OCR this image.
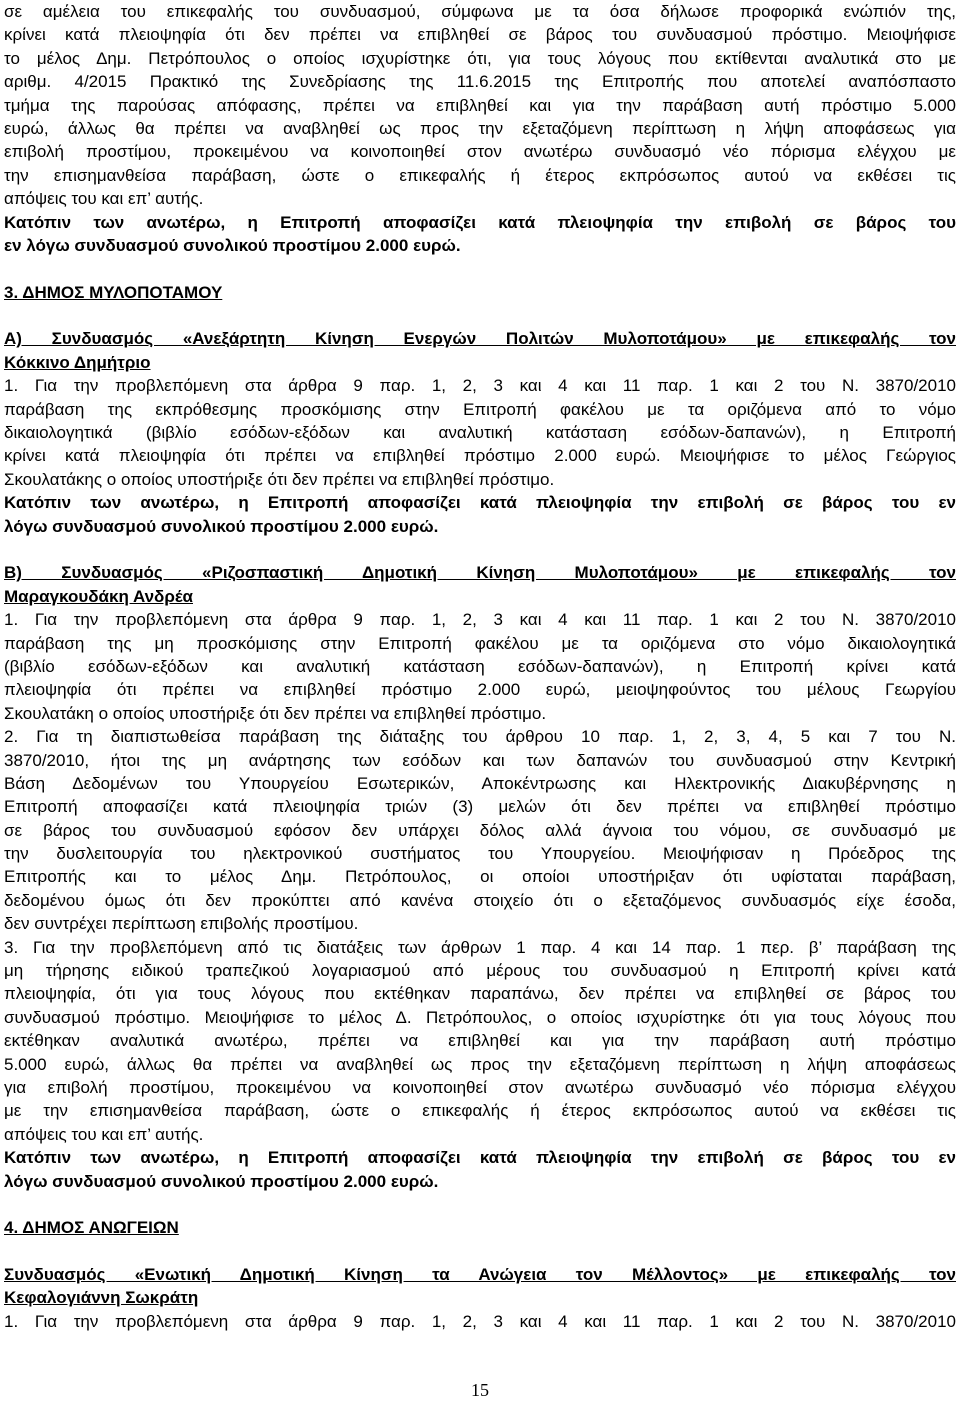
σε αμέλεια του επικεφαλής του συνδυασμού, σύμφωνα με τα όσα δήλωσε προφορικά ενώπιόν της,
κρίνει κατά πλειοψηφία ότι δεν πρέπει να επιβληθεί σε βάρος του συνδυασμού πρόστιμο. Μειοψήφισε
το μέλος Δημ. Πετρόπουλος ο οποίος ισχυρίστηκε ότι, για τους λόγους που εκτίθενται αναλυτικά στο με
αριθμ. 4/2015 Πρακτικό της Συνεδρίασης της 11.6.2015 της Επιτροπής που αποτελεί αναπόσπαστο
τμήμα της παρούσας απόφασης, πρέπει να επιβληθεί και για την παράβαση αυτή πρόστιμο 5.000
ευρώ, άλλως θα πρέπει να αναβληθεί ως προς την εξεταζόμενη περίπτωση η λήψη αποφάσεως για
επιβολή προστίμου, προκειμένου να κοινοποιηθεί στον ανωτέρω συνδυασμό νέο πόρισμα ελέγχου με
την επισημανθείσα παράβαση, ώστε ο επικεφαλής ή έτερος εκπρόσωπος αυτού να εκθέσει τις
απόψεις του και επ’ αυτής.
Κατόπιν των ανωτέρω, η Επιτροπή αποφασίζει κατά πλειοψηφία την επιβολή σε βάρος του
εν λόγω συνδυασμού συνολικού προστίμου 2.000 ευρώ.
3. ΔΗΜΟΣ ΜΥΛΟΠΟΤΑΜΟΥ
Α) Συνδυασμός «Ανεξάρτητη Κίνηση Ενεργών Πολιτών Μυλοποτάμου» με επικεφαλής τον
Κόκκινο Δημήτριο
1. Για την προβλεπόμενη στα άρθρα 9 παρ. 1, 2, 3 και 4 και 11 παρ. 1 και 2 του Ν. 3870/2010
παράβαση της εκπρόθεσμης προσκόμισης στην Επιτροπή φακέλου με τα οριζόμενα από το νόμο
δικαιολογητικά (βιβλίο εσόδων-εξόδων και αναλυτική κατάσταση εσόδων-δαπανών), η Επιτροπή
κρίνει κατά πλειοψηφία ότι πρέπει να επιβληθεί πρόστιμο 2.000 ευρώ. Μειοψήφισε το μέλος Γεώργιος
Σκουλατάκης ο οποίος υποστήριξε ότι δεν πρέπει να επιβληθεί πρόστιμο.
Κατόπιν των ανωτέρω, η Επιτροπή αποφασίζει κατά πλειοψηφία την επιβολή σε βάρος του εν
λόγω συνδυασμού συνολικού προστίμου 2.000 ευρώ.
Β) Συνδυασμός «Ριζοσπαστική Δημοτική Κίνηση Μυλοποτάμου» με επικεφαλής τον
Μαραγκουδάκη Ανδρέα
1. Για την προβλεπόμενη στα άρθρα 9 παρ. 1, 2, 3 και 4 και 11 παρ. 1 και 2 του Ν. 3870/2010
παράβαση της μη προσκόμισης στην Επιτροπή φακέλου με τα οριζόμενα στο νόμο δικαιολογητικά
(βιβλίο εσόδων-εξόδων και αναλυτική κατάσταση εσόδων-δαπανών), η Επιτροπή κρίνει κατά
πλειοψηφία ότι πρέπει να επιβληθεί πρόστιμο 2.000 ευρώ, μειοψηφούντος του μέλους Γεωργίου
Σκουλατάκη ο οποίος υποστήριξε ότι δεν πρέπει να επιβληθεί πρόστιμο.
2. Για τη διαπιστωθείσα παράβαση της διάταξης του άρθρου 10 παρ. 1, 2, 3, 4, 5 και 7 του Ν.
3870/2010, ήτοι της μη ανάρτησης των εσόδων και των δαπανών του συνδυασμού στην Κεντρική
Βάση Δεδομένων του Υπουργείου Εσωτερικών, Αποκέντρωσης και Ηλεκτρονικής Διακυβέρνησης η
Επιτροπή αποφασίζει κατά πλειοψηφία τριών (3) μελών ότι δεν πρέπει να επιβληθεί πρόστιμο
σε βάρος του συνδυασμού εφόσον δεν υπάρχει δόλος αλλά άγνοια του νόμου, σε συνδυασμό με
την δυσλειτουργία του ηλεκτρονικού συστήματος του Υπουργείου. Μειοψήφισαν η Πρόεδρος της
Επιτροπής και το μέλος Δημ. Πετρόπουλος, οι οποίοι υποστήριξαν ότι υφίσταται παράβαση,
δεδομένου όμως ότι δεν προκύπτει από κανένα στοιχείο ότι ο εξεταζόμενος συνδυασμός είχε έσοδα,
δεν συντρέχει περίπτωση επιβολής προστίμου.
3. Για την προβλεπόμενη από τις διατάξεις των άρθρων 1 παρ. 4 και 14 παρ. 1 περ. β’ παράβαση της
μη τήρησης ειδικού τραπεζικού λογαριασμού από μέρους του συνδυασμού η Επιτροπή κρίνει κατά
πλειοψηφία, ότι για τους λόγους που εκτέθηκαν παραπάνω, δεν πρέπει να επιβληθεί σε βάρος του
συνδυασμού πρόστιμο. Μειοψήφισε το μέλος Δ. Πετρόπουλος, ο οποίος ισχυρίστηκε ότι για τους λόγους που
εκτέθηκαν αναλυτικά ανωτέρω, πρέπει να επιβληθεί και για την παράβαση αυτή πρόστιμο
5.000 ευρώ, άλλως θα πρέπει να αναβληθεί ως προς την εξεταζόμενη περίπτωση η λήψη αποφάσεως
για επιβολή προστίμου, προκειμένου να κοινοποιηθεί στον ανωτέρω συνδυασμό νέο πόρισμα ελέγχου
με την επισημανθείσα παράβαση, ώστε ο επικεφαλής ή έτερος εκπρόσωπος αυτού να εκθέσει τις
απόψεις του και επ’ αυτής.
Κατόπιν των ανωτέρω, η Επιτροπή αποφασίζει κατά πλειοψηφία την επιβολή σε βάρος του εν
λόγω συνδυασμού συνολικού προστίμου 2.000 ευρώ.
4. ΔΗΜΟΣ ΑΝΩΓΕΙΩΝ
Συνδυασμός «Ενωτική Δημοτική Κίνηση τα Ανώγεια τον Μέλλοντος» με επικεφαλής τον
Κεφαλογιάννη Σωκράτη
1. Για την προβλεπόμενη στα άρθρα 9 παρ. 1, 2, 3 και 4 και 11 παρ. 1 και 2 του Ν. 3870/2010
15
